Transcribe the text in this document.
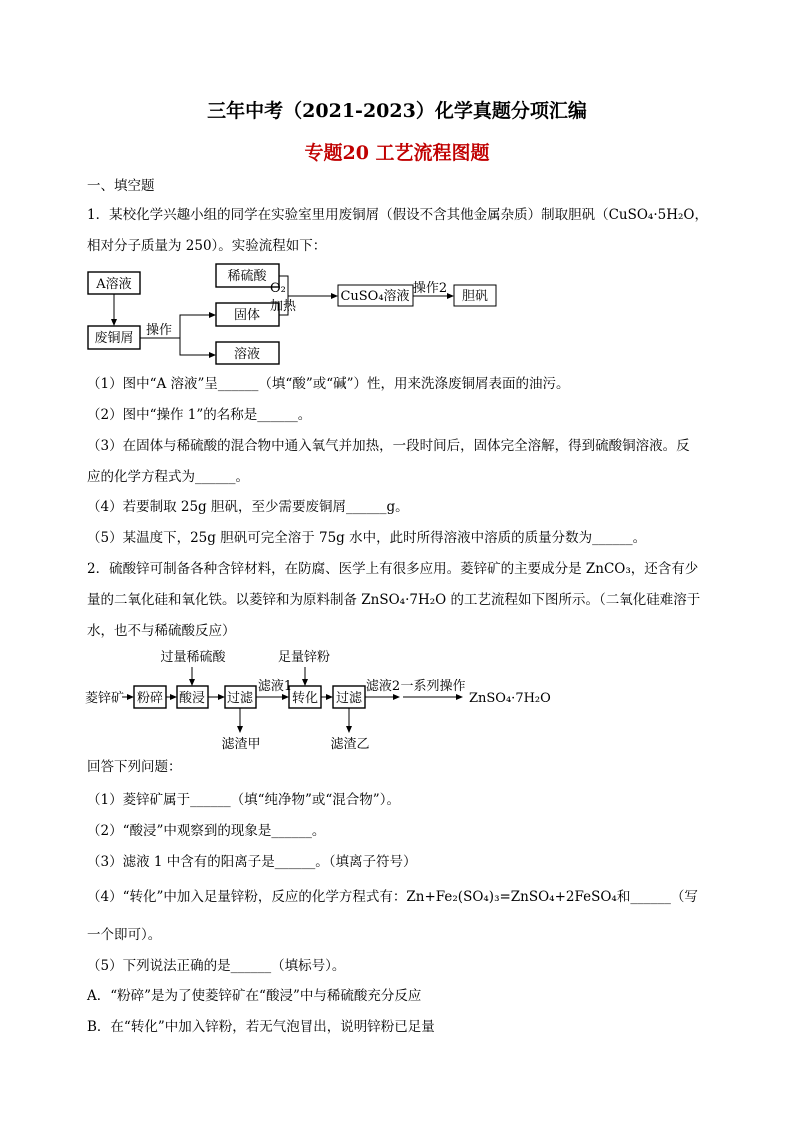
三年中考（2021-2023）化学真题分项汇编
专题20 工艺流程图题
一、填空题
1．某校化学兴趣小组的同学在实验室里用废铜屑（假设不含其他金属杂质）制取胆矾（CuSO₄·5H₂O，
相对分子质量为 250）。实验流程如下：
A溶液
废铜屑
操作
稀硫酸
固体
溶液
O₂
加热
CuSO₄溶液
操作2
胆矾
（1）图中“A 溶液”呈______（填“酸”或“碱”）性，用来洗涤废铜屑表面的油污。
（2）图中“操作 1”的名称是______。
（3）在固体与稀硫酸的混合物中通入氧气并加热，一段时间后，固体完全溶解，得到硫酸铜溶液。反
应的化学方程式为______。
（4）若要制取 25g 胆矾，至少需要废铜屑______g。
（5）某温度下，25g 胆矾可完全溶于 75g 水中，此时所得溶液中溶质的质量分数为______。
2．硫酸锌可制备各种含锌材料，在防腐、医学上有很多应用。菱锌矿的主要成分是 ZnCO₃，还含有少
量的二氧化硅和氧化铁。以菱锌和为原料制备 ZnSO₄·7H₂O 的工艺流程如下图所示。（二氧化硅难溶于
水，也不与稀硫酸反应）
菱锌矿 粉碎
过量稀硫酸
酸浸 过滤
滤渣甲
滤液1
足量锌粉
转化 过滤
滤渣乙
滤液2 一系列操作
ZnSO₄·7H₂O
回答下列问题：
（1）菱锌矿属于______（填“纯净物”或“混合物”）。
（2）“酸浸”中观察到的现象是______。
（3）滤液 1 中含有的阳离子是______。（填离子符号）
（4）“转化”中加入足量锌粉，反应的化学方程式有：Zn+Fe₂(SO₄)₃=ZnSO₄+2FeSO₄和______（写
一个即可）。
（5）下列说法正确的是______（填标号）。
A．“粉碎”是为了使菱锌矿在“酸浸”中与稀硫酸充分反应
B．在“转化”中加入锌粉，若无气泡冒出，说明锌粉已足量
